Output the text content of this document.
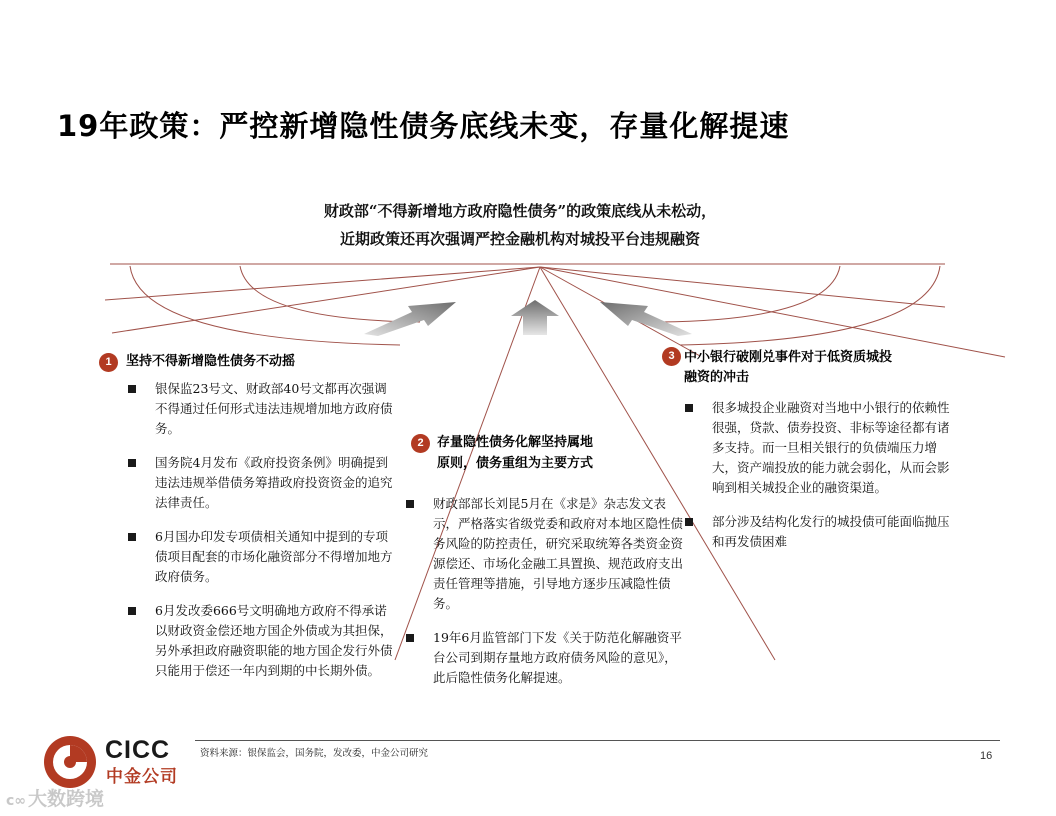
19年政策：严控新增隐性债务底线未变，存量化解提速
财政部“不得新增地方政府隐性债务”的政策底线从未松动，
近期政策还再次强调严控金融机构对城投平台违规融资
1	坚持不得新增隐性债务不动摇
银保监23号文、财政部40号文都再次强调不得通过任何形式违法违规增加地方政府债务。
国务院4月发布《政府投资条例》明确提到违法违规举借债务筹措政府投资资金的追究法律责任。
6月国办印发专项债相关通知中提到的专项债项目配套的市场化融资部分不得增加地方政府债务。
6月发改委666号文明确地方政府不得承诺以财政资金偿还地方国企外债或为其担保，另外承担政府融资职能的地方国企发行外债只能用于偿还一年内到期的中长期外债。
2	存量隐性债务化解坚持属地
原则，债务重组为主要方式
财政部部长刘昆5月在《求是》杂志发文表示，严格落实省级党委和政府对本地区隐性债务风险的防控责任，研究采取统筹各类资金资源偿还、市场化金融工具置换、规范政府支出责任管理等措施，引导地方逐步压减隐性债务。
19年6月监管部门下发《关于防范化解融资平台公司到期存量地方政府债务风险的意见》，此后隐性债务化解提速。
3 中小银行破刚兑事件对于低资质城投
融资的冲击
很多城投企业融资对当地中小银行的依赖性很强，贷款、债券投资、非标等途径都有诸多支持。而一旦相关银行的负债端压力增大，资产端投放的能力就会弱化，从而会影响到相关城投企业的融资渠道。
部分涉及结构化发行的城投债可能面临抛压和再发债困难
资料来源：银保监会，国务院，发改委，中金公司研究	16
CICC
中金公司
ᴄ∞ 大数跨境
